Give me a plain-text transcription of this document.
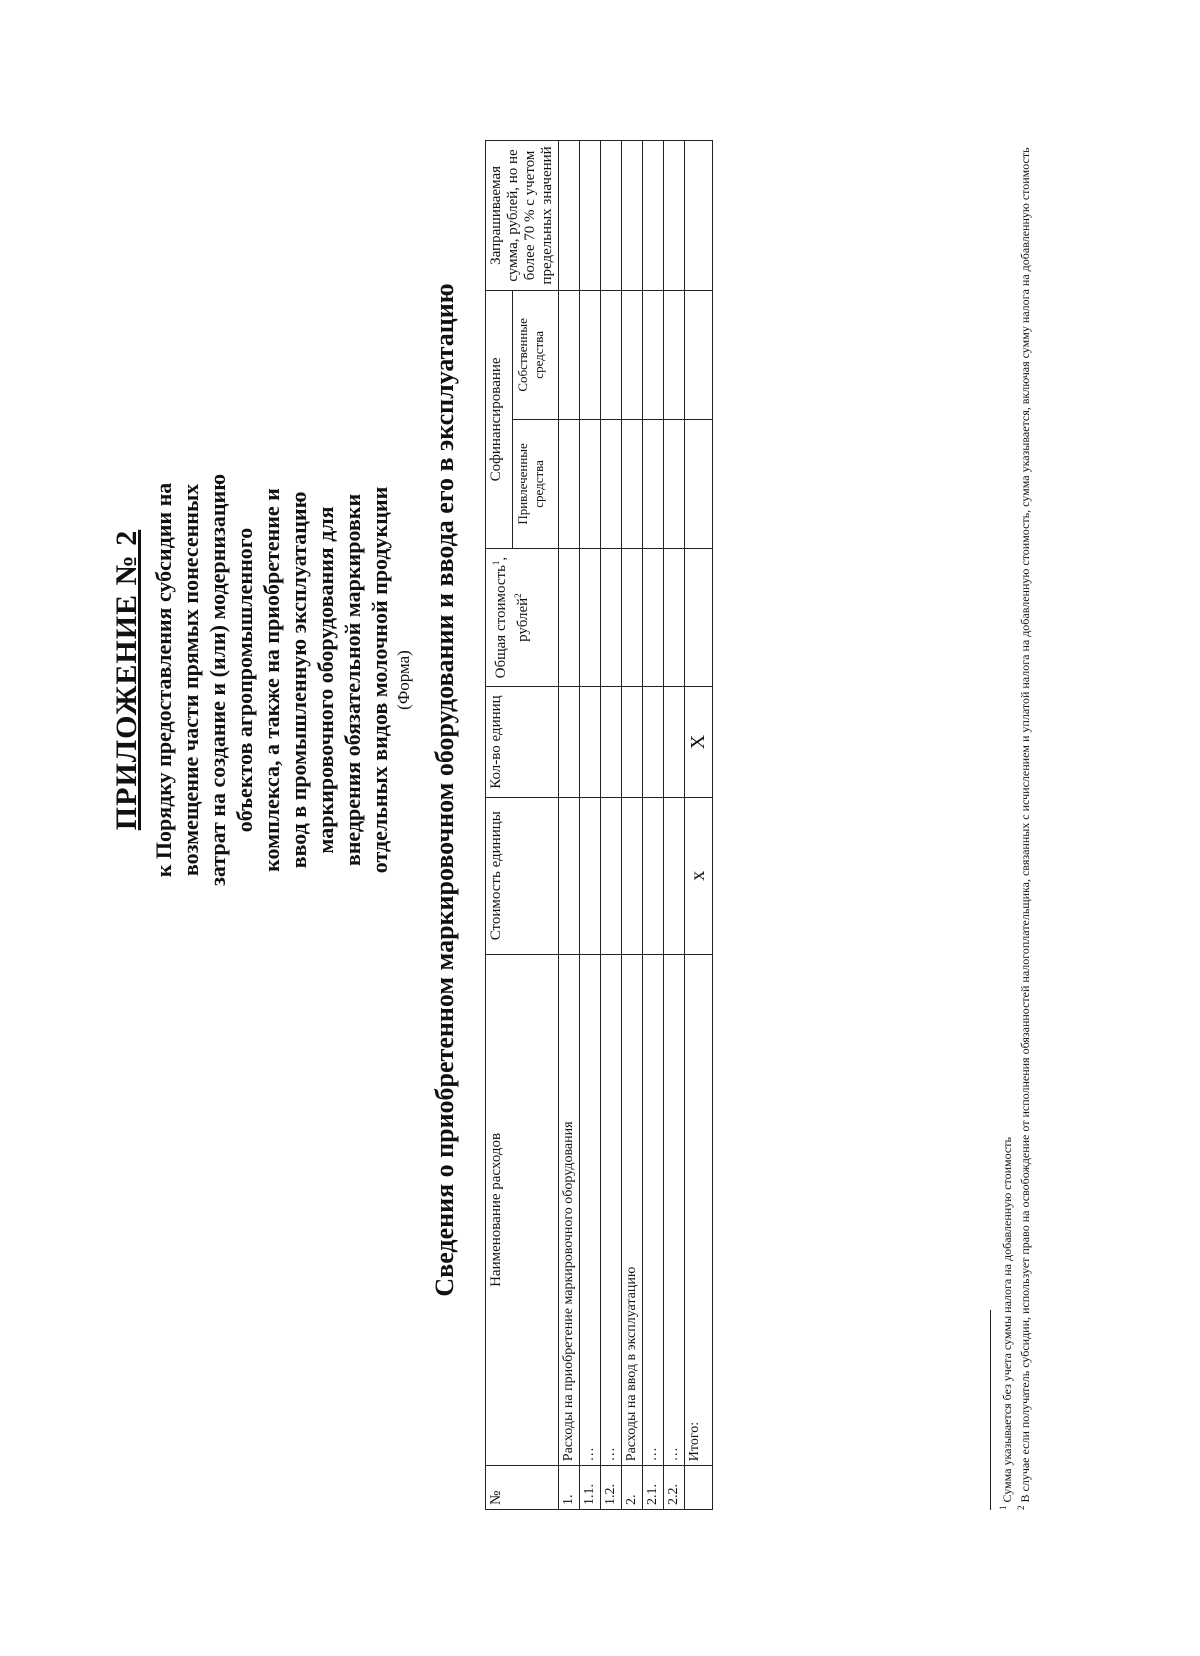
ПРИЛОЖЕНИЕ № 2 к Порядку предоставления субсидии на возмещение части прямых понесенных затрат на создание и (или) модернизацию объектов агропромышленного комплекса, а также на приобретение и ввод в промышленную эксплуатацию маркировочного оборудования для внедрения обязательной маркировки отдельных видов молочной продукции (Форма) Сведения о приобретенном маркировочном оборудовании и ввода его в эксплуатацию
№	Наименование расходов	Стоимость единицы	Кол-во единиц	Общая стоимость$^1$, рублей$^2$	Софинансирование		Запрашиваемая сумма, рублей, но не более 70 % с учетом предельных значений
					Привлеченные средства	Собственные средства	
1.	Расходы на приобретение маркировочного оборудования						
1.1.	…						
1.2.	…						
2.	Расходы на ввод в эксплуатацию						
2.1.	…						
2.2.	…						
	Итого:	x	X				
$^1$ Сумма указывается без учета суммы налога на добавленную стоимость
$^2$ В случае если получатель субсидии, использует право на освобождение от исполнения обязанностей налогоплательщика, связанных с исчислением и уплатой налога на добавленную стоимость, сумма указывается, включая сумму налога на добавленную стоимость
